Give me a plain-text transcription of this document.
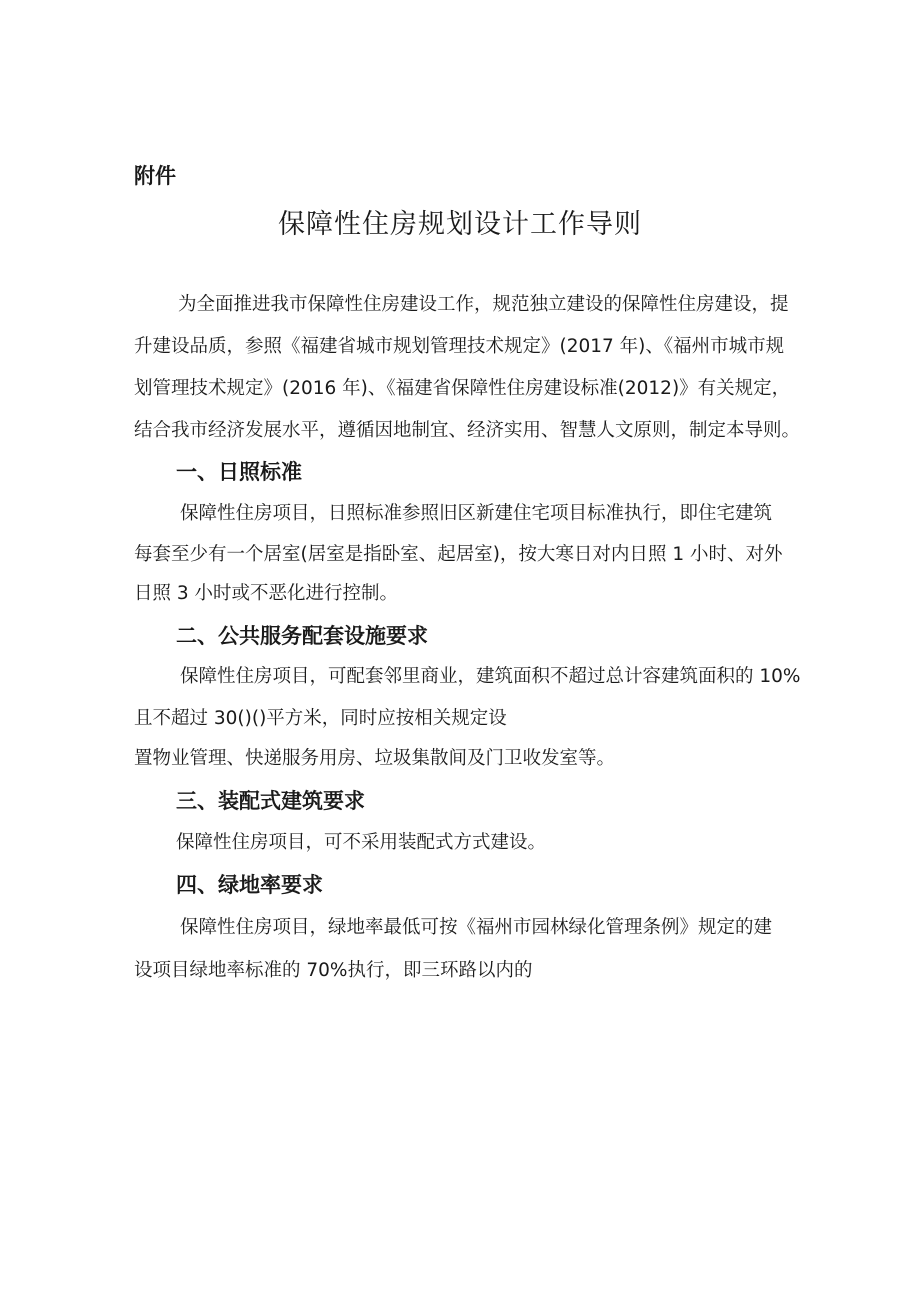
附件
保障性住房规划设计工作导则
为全面推进我市保障性住房建设工作，规范独立建设的保障性住房建设，提
升建设品质，参照《福建省城市规划管理技术规定》(2017 年)、《福州市城市规
划管理技术规定》(2016 年)、《福建省保障性住房建设标准(2012)》有关规定，
结合我市经济发展水平，遵循因地制宜、经济实用、智慧人文原则，制定本导则。
一、日照标准
保障性住房项目，日照标准参照旧区新建住宅项目标准执行，即住宅建筑
每套至少有一个居室(居室是指卧室、起居室)，按大寒日对内日照 1 小时、对外
日照 3 小时或不恶化进行控制。
二、公共服务配套设施要求
保障性住房项目，可配套邻里商业，建筑面积不超过总计容建筑面积的 10%
且不超过 30()()平方米，同时应按相关规定设
置物业管理、快递服务用房、垃圾集散间及门卫收发室等。
三、装配式建筑要求
保障性住房项目，可不采用装配式方式建设。
四、绿地率要求
保障性住房项目，绿地率最低可按《福州市园林绿化管理条例》规定的建
设项目绿地率标准的 70%执行，即三环路以内的
